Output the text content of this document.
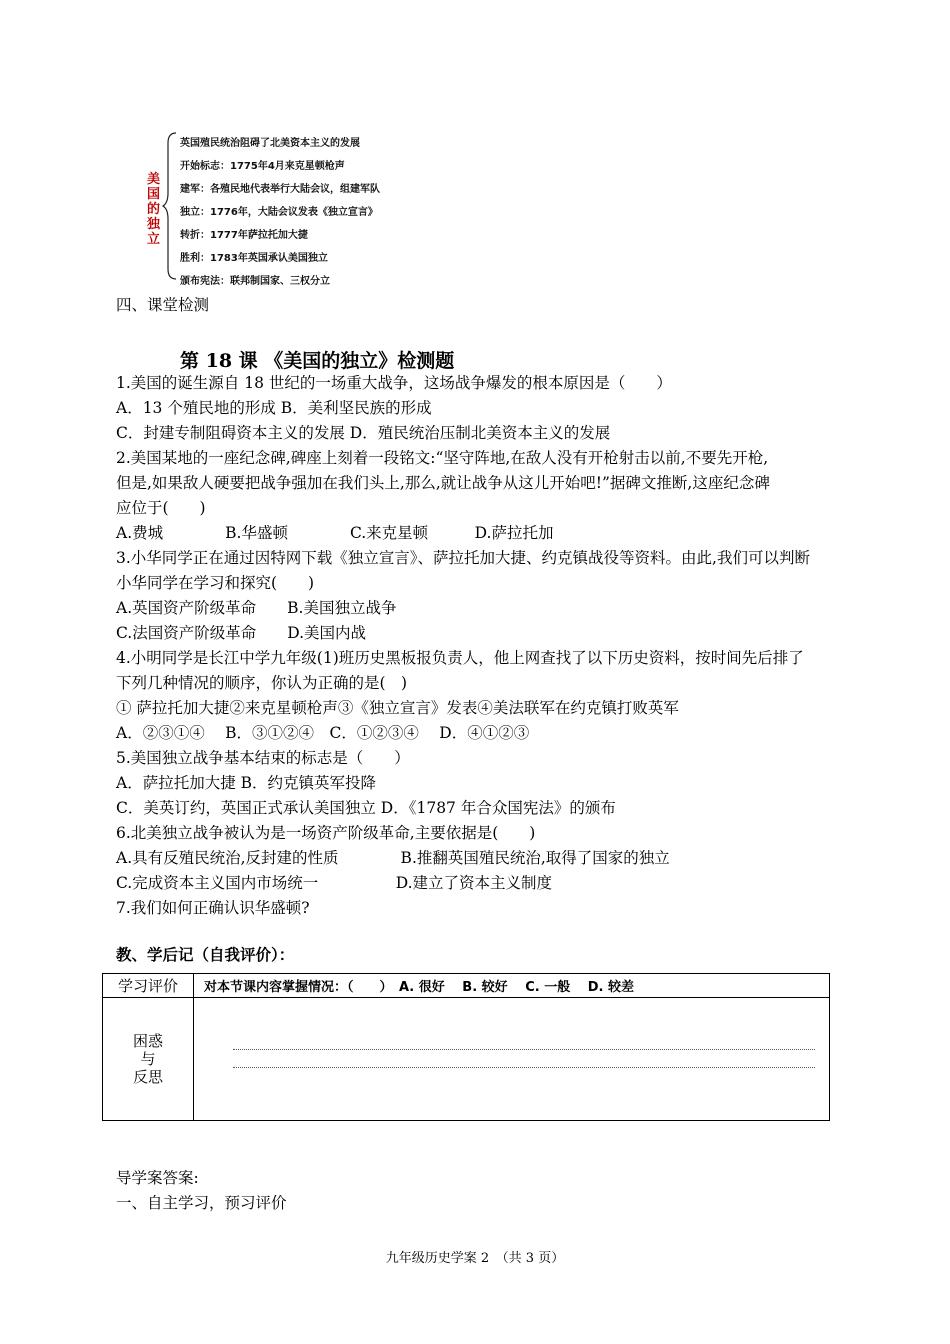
美
国
的
独
立
英国殖民统治阻碍了北美资本主义的发展
开始标志：1775年4月来克星顿枪声
建军：各殖民地代表举行大陆会议，组建军队
独立：1776年，大陆会议发表《独立宣言》
转折：1777年萨拉托加大捷
胜利：1783年英国承认美国独立
颁布宪法：联邦制国家、三权分立
四、课堂检测
第 18 课 《美国的独立》检测题
1.美国的诞生源自 18 世纪的一场重大战争，这场战争爆发的根本原因是（　　）
A．13 个殖民地的形成 B．美利坚民族的形成
C．封建专制阻碍资本主义的发展 D．殖民统治压制北美资本主义的发展
2.美国某地的一座纪念碑,碑座上刻着一段铭文:“坚守阵地,在敌人没有开枪射击以前,不要先开枪,
但是,如果敌人硬要把战争强加在我们头上,那么,就让战争从这儿开始吧!”据碑文推断,这座纪念碑
应位于(　　)
A.费城　　　　B.华盛顿　　　　C.来克星顿　　　D.萨拉托加
3.小华同学正在通过因特网下载《独立宣言》、萨拉托加大捷、约克镇战役等资料。由此,我们可以判断
小华同学在学习和探究(　　)
A.英国资产阶级革命　　B.美国独立战争
C.法国资产阶级革命　　D.美国内战
4.小明同学是长江中学九年级(1)班历史黑板报负责人，他上网查找了以下历史资料，按时间先后排了
下列几种情况的顺序，你认为正确的是(　)
① 萨拉托加大捷②来克星顿枪声③《独立宣言》发表④美法联军在约克镇打败英军
A．②③①④　 B．③①②④　C．①②③④　 D．④①②③
5.美国独立战争基本结束的标志是（　　）
A．萨拉托加大捷 B．约克镇英军投降
C．美英订约，英国正式承认美国独立 D．《1787 年合众国宪法》的颁布
6.北美独立战争被认为是一场资产阶级革命,主要依据是(　　)
A.具有反殖民统治,反封建的性质　　　　B.推翻英国殖民统治,取得了国家的独立
C.完成资本主义国内市场统一　　　　　D.建立了资本主义制度
7.我们如何正确认识华盛顿?
教、学后记（自我评价）：
学习评价	对本节课内容掌握情况：（　　）　A. 很好　 B. 较好　 C. 一般　 D. 较差

困惑
与
反思	

导学案答案:
一、自主学习，预习评价
九年级历史学案 2　（共 3 页）
